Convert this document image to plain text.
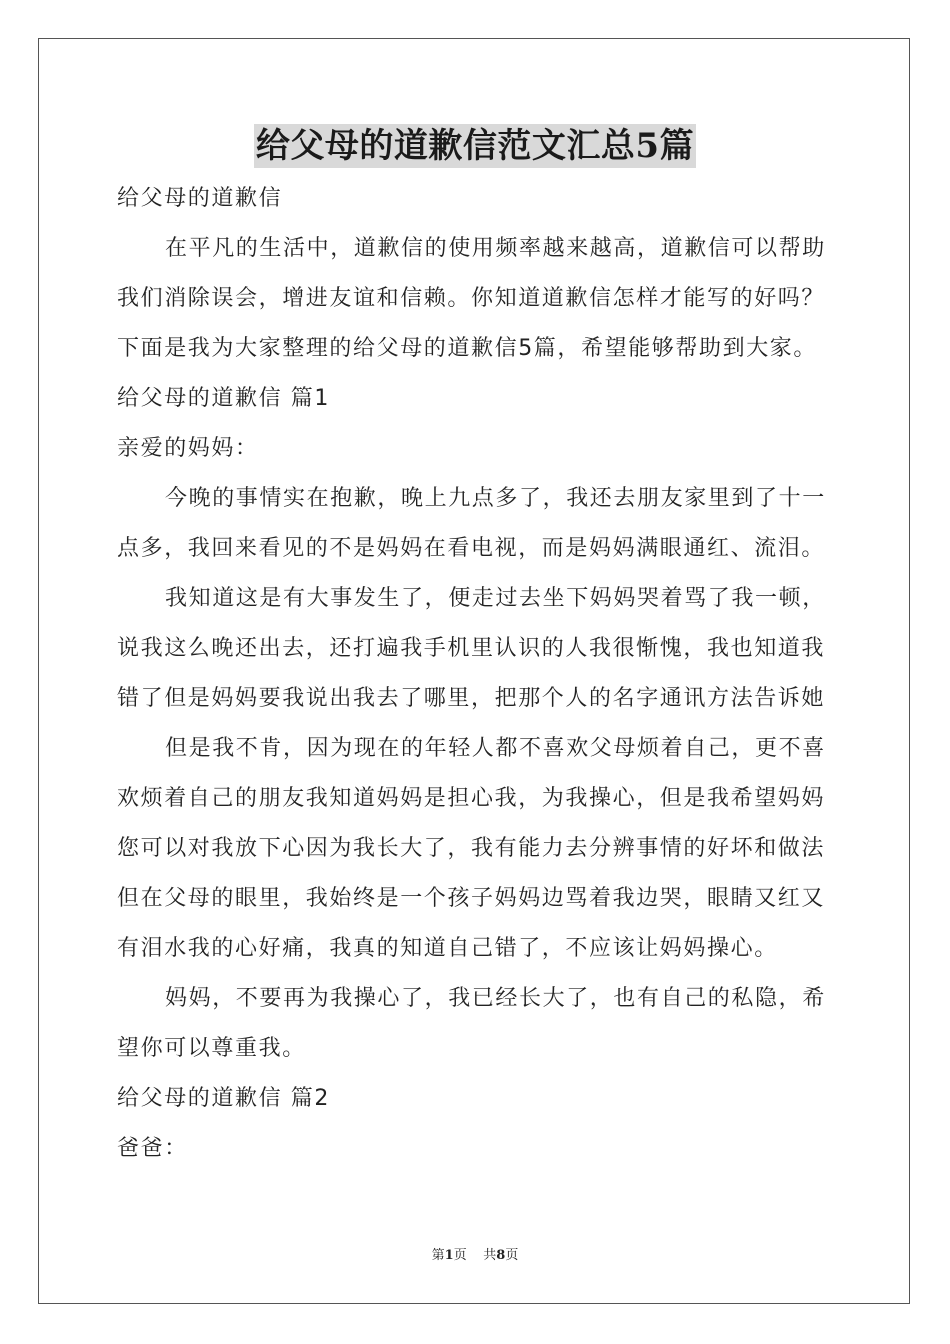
给父母的道歉信范文汇总5篇
给父母的道歉信
在平凡的生活中，道歉信的使用频率越来越高，道歉信可以帮助
我们消除误会，增进友谊和信赖。你知道道歉信怎样才能写的好吗？
下面是我为大家整理的给父母的道歉信5篇，希望能够帮助到大家。
给父母的道歉信 篇1
亲爱的妈妈：
今晚的事情实在抱歉，晚上九点多了，我还去朋友家里到了十一
点多，我回来看见的不是妈妈在看电视，而是妈妈满眼通红、流泪。
我知道这是有大事发生了，便走过去坐下妈妈哭着骂了我一顿，
说我这么晚还出去，还打遍我手机里认识的人我很惭愧，我也知道我
错了但是妈妈要我说出我去了哪里，把那个人的名字通讯方法告诉她
但是我不肯，因为现在的年轻人都不喜欢父母烦着自己，更不喜
欢烦着自己的朋友我知道妈妈是担心我，为我操心，但是我希望妈妈
您可以对我放下心因为我长大了，我有能力去分辨事情的好坏和做法
但在父母的眼里，我始终是一个孩子妈妈边骂着我边哭，眼睛又红又
有泪水我的心好痛，我真的知道自己错了，不应该让妈妈操心。
妈妈，不要再为我操心了，我已经长大了，也有自己的私隐，希
望你可以尊重我。
给父母的道歉信 篇2
爸爸：
第1页 共8页
